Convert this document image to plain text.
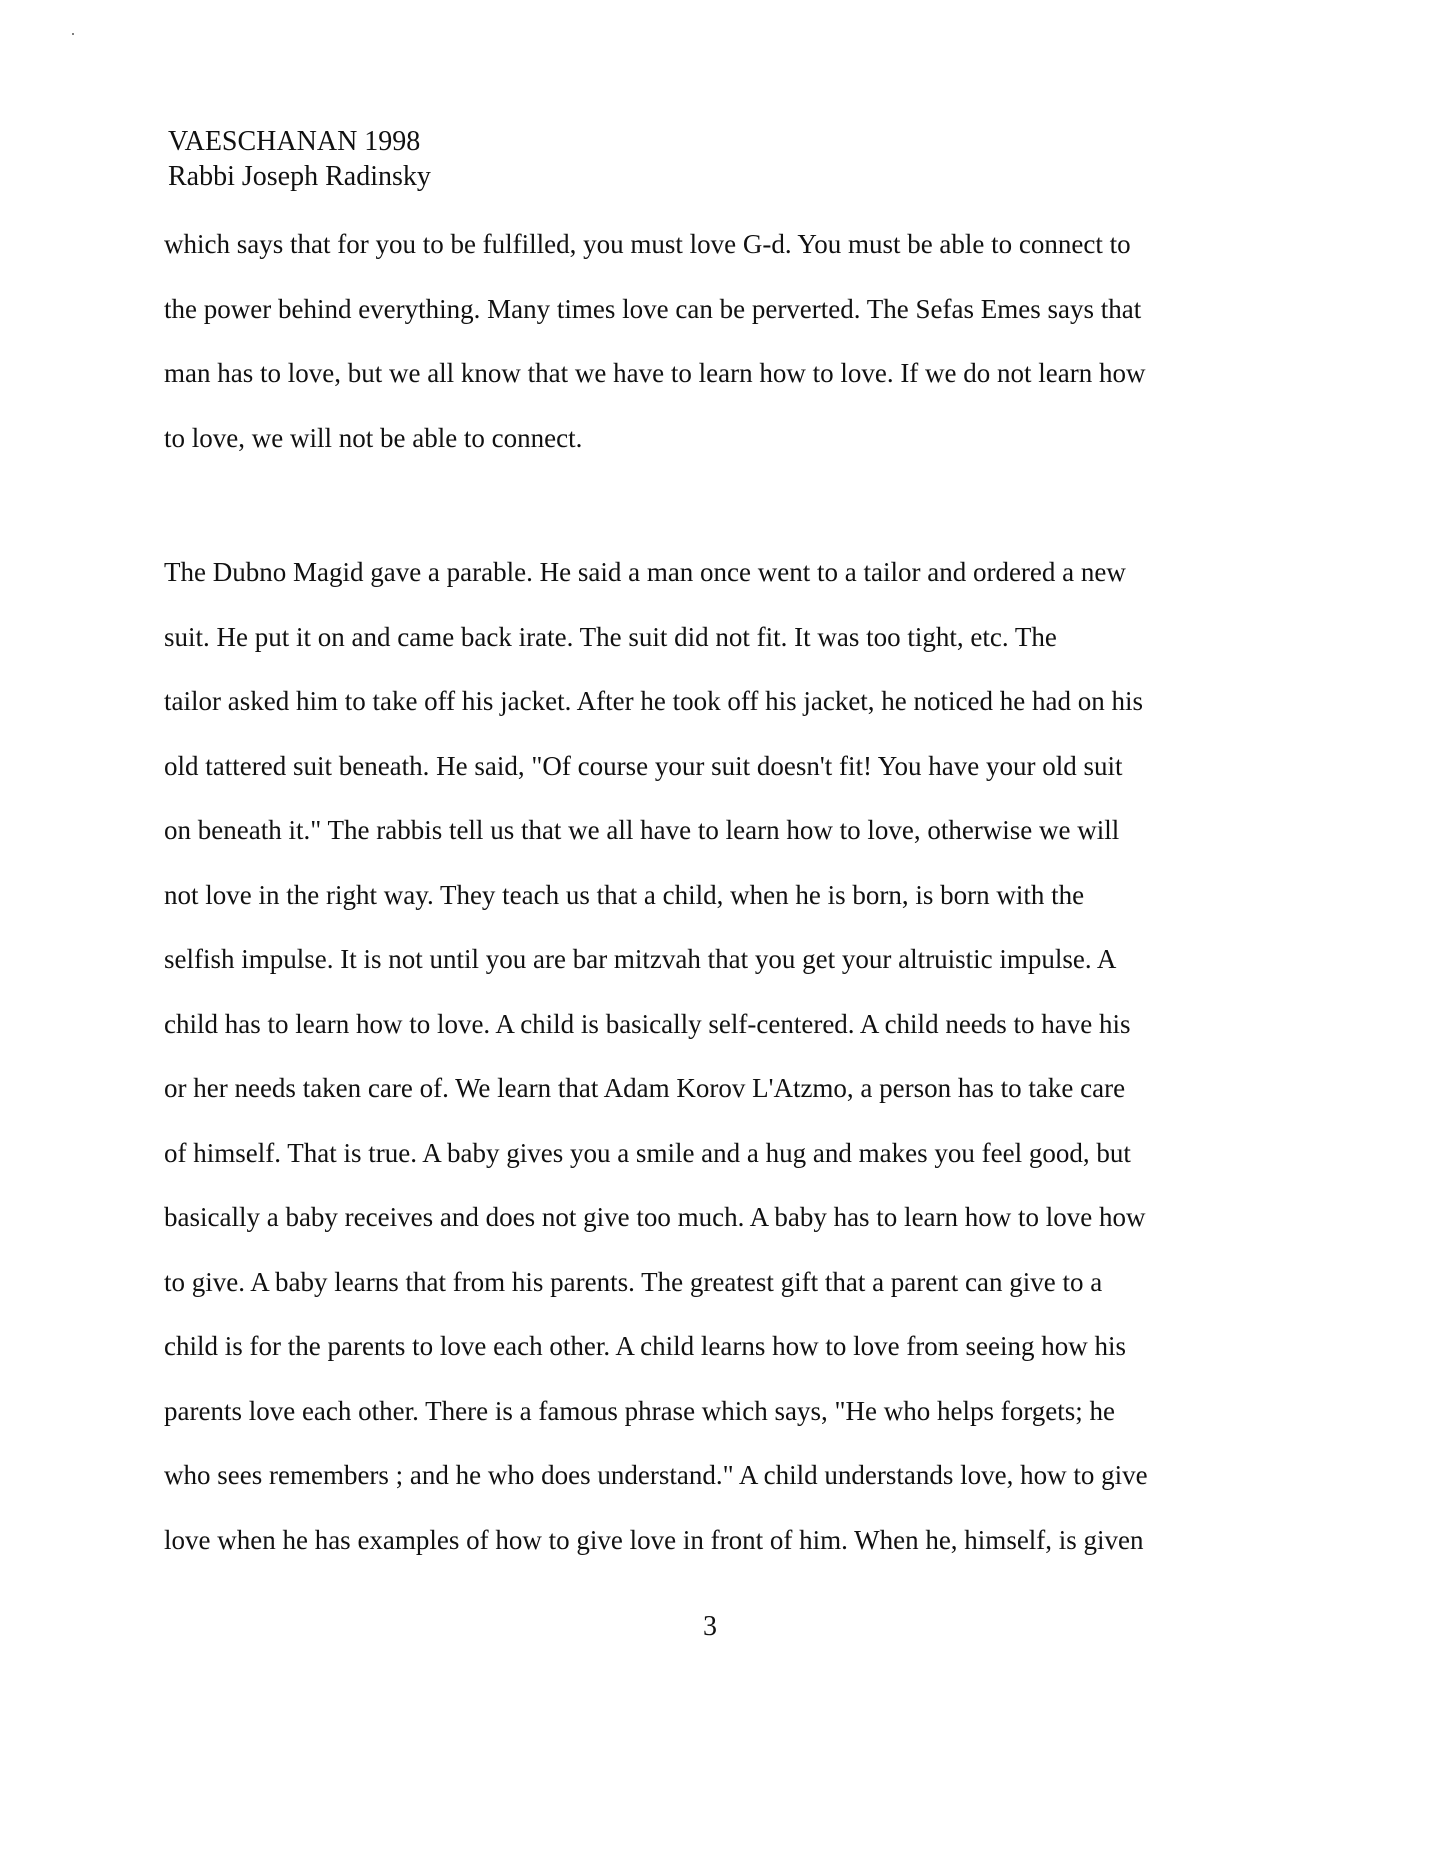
VAESCHANAN 1998
Rabbi Joseph Radinsky
which says that for you to be fulfilled, you must love G-d. You must be able to connect to
the power behind everything. Many times love can be perverted. The Sefas Emes says that
man has to love, but we all know that we have to learn how to love. If we do not learn how
to love, we will not be able to connect.
The Dubno Magid gave a parable. He said a man once went to a tailor and ordered a new
suit. He put it on and came back irate. The suit did not fit. It was too tight, etc. The
tailor asked him to take off his jacket. After he took off his jacket, he noticed he had on his
old tattered suit beneath. He said, "Of course your suit doesn't fit! You have your old suit
on beneath it." The rabbis tell us that we all have to learn how to love, otherwise we will
not love in the right way. They teach us that a child, when he is born, is born with the
selfish impulse. It is not until you are bar mitzvah that you get your altruistic impulse. A
child has to learn how to love. A child is basically self-centered. A child needs to have his
or her needs taken care of. We learn that Adam Korov L'Atzmo, a person has to take care
of himself. That is true. A baby gives you a smile and a hug and makes you feel good, but
basically a baby receives and does not give too much. A baby has to learn how to love how
to give. A baby learns that from his parents. The greatest gift that a parent can give to a
child is for the parents to love each other. A child learns how to love from seeing how his
parents love each other. There is a famous phrase which says, "He who helps forgets; he
who sees remembers ; and he who does understand." A child understands love, how to give
love when he has examples of how to give love in front of him. When he, himself, is given
3
